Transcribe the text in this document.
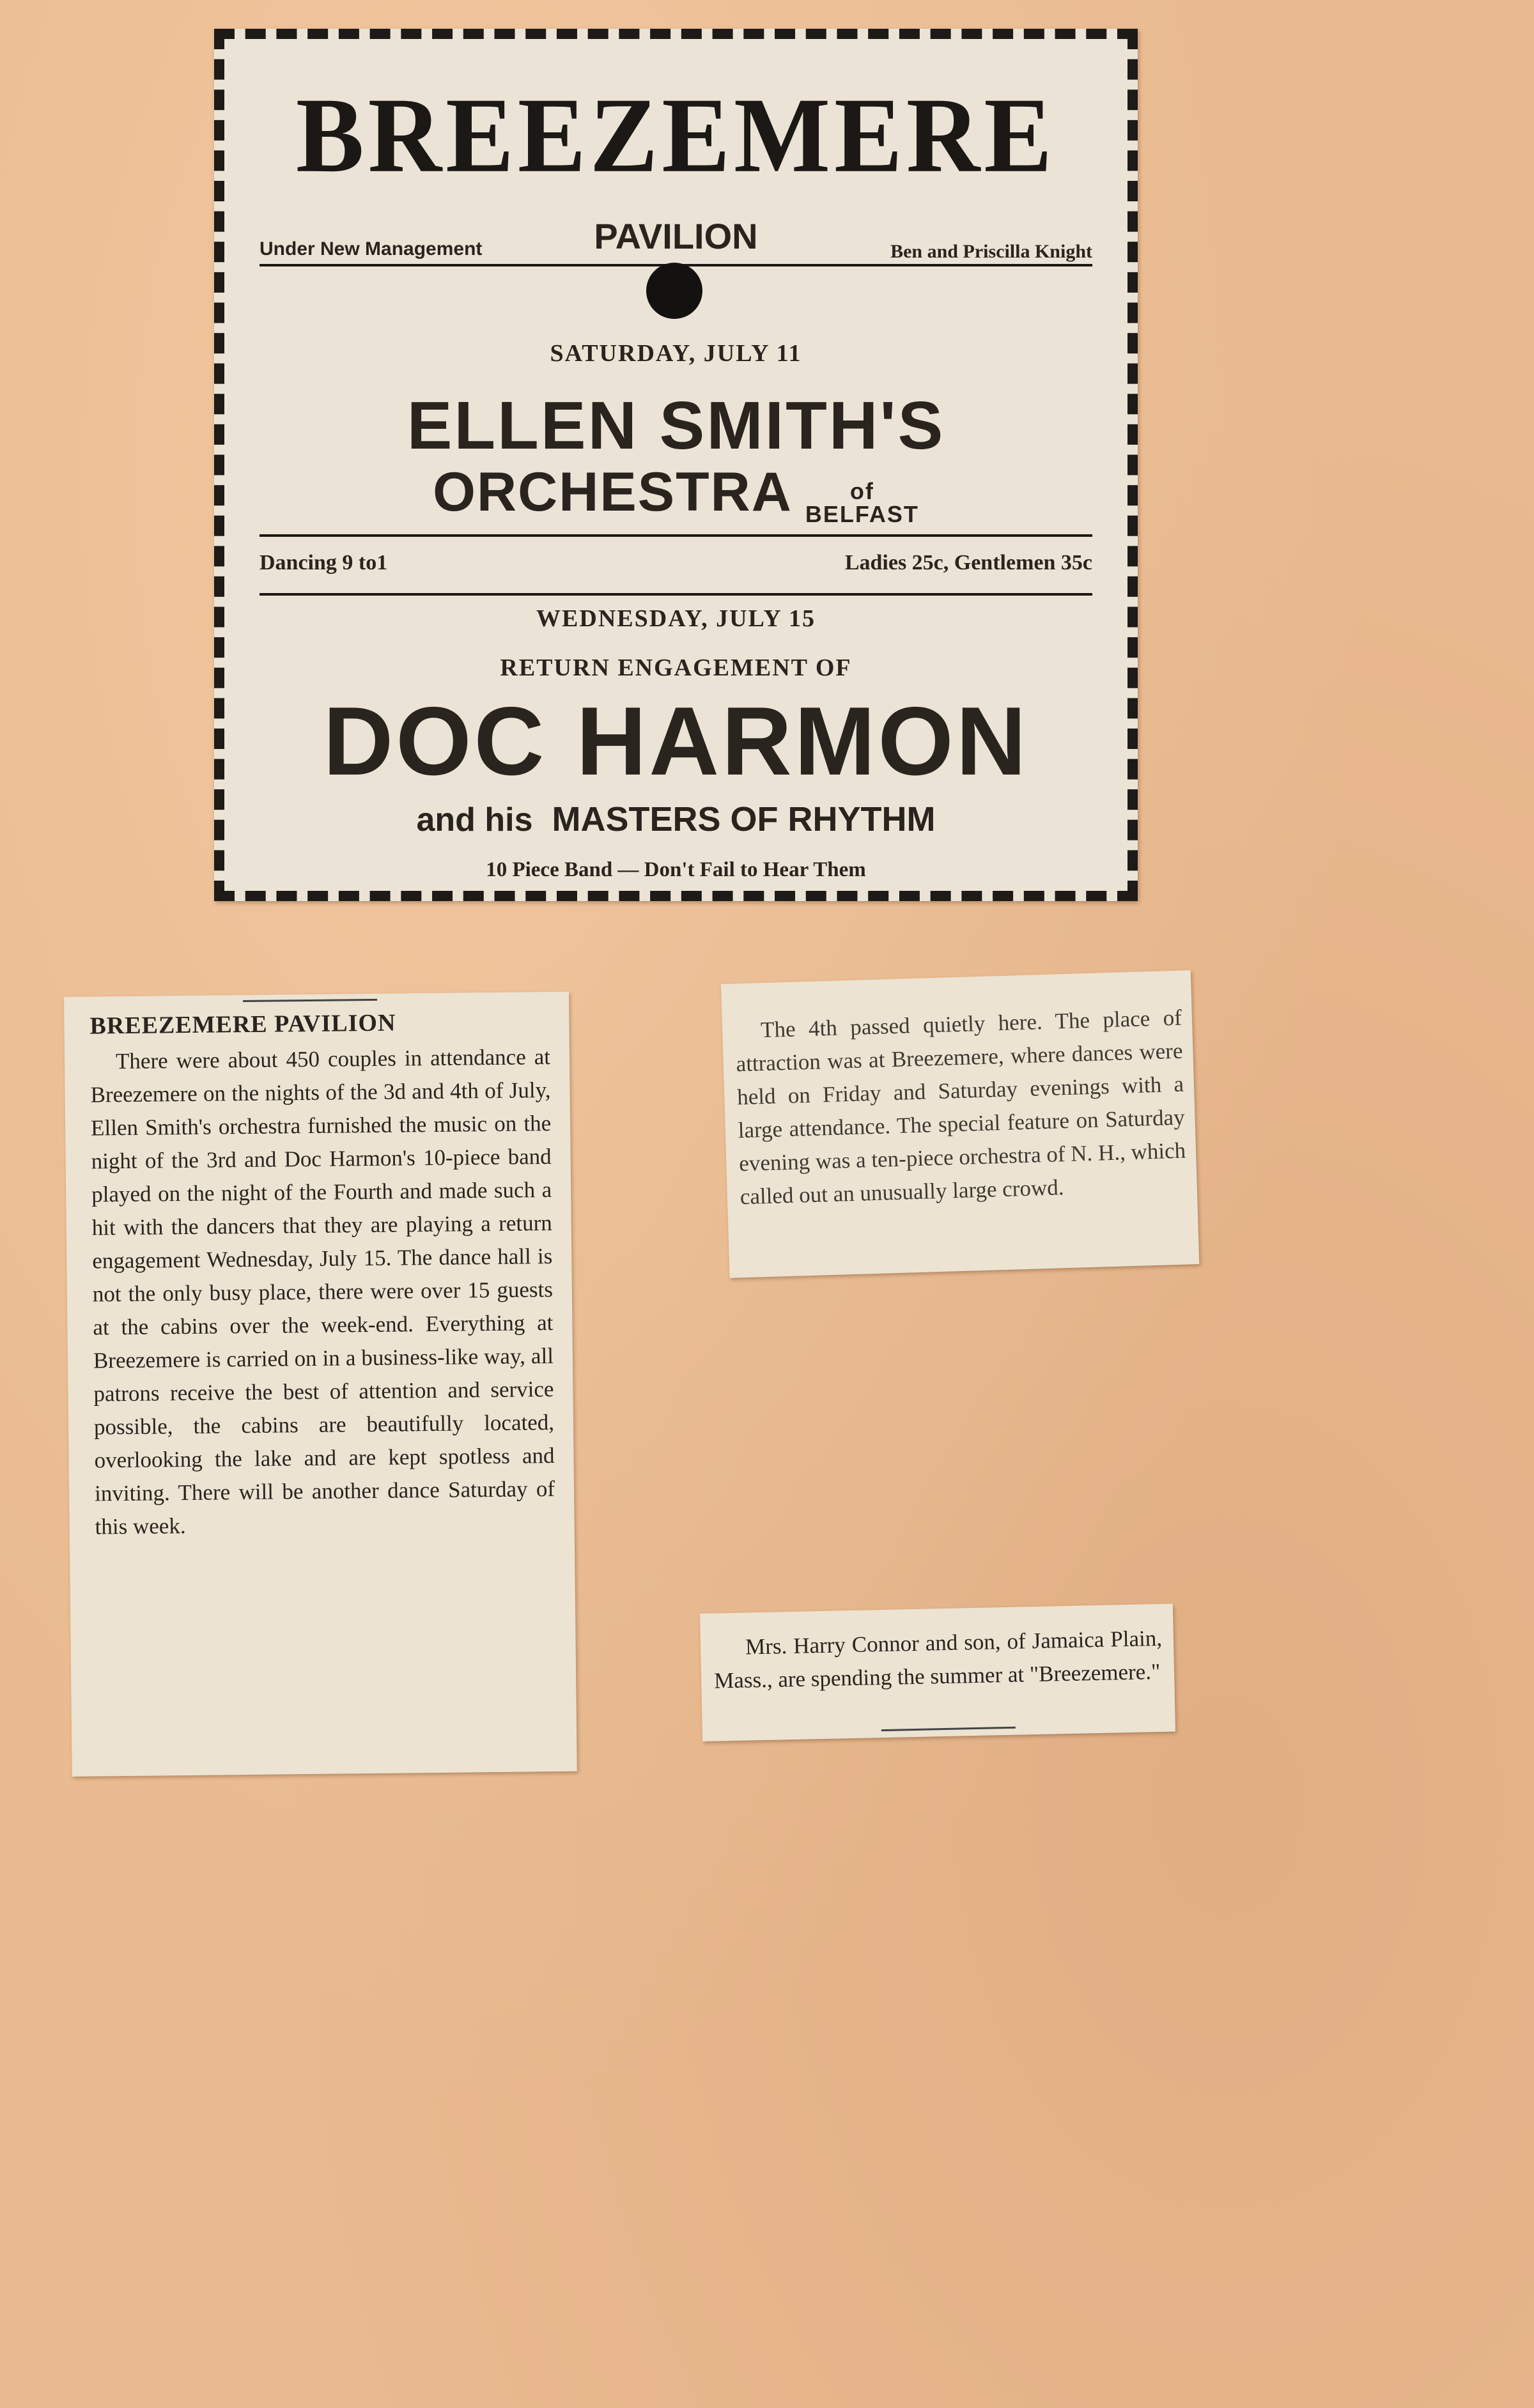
BREEZEMERE
Under New Management	PAVILION	Ben and Priscilla Knight
SATURDAY, JULY 11
ELLEN SMITH'S
ORCHESTRA	of
BELFAST
Dancing 9 to1	Ladies 25c, Gentlemen 35c
WEDNESDAY, JULY 15
RETURN ENGAGEMENT OF
DOC HARMON
and his MASTERS OF RHYTHM
10 Piece Band — Don't Fail to Hear Them
BREEZEMERE PAVILION

There were about 450 couples in attendance at Breezemere on the nights of the 3d and 4th of July, Ellen Smith's orchestra furnished the music on the night of the 3rd and Doc Harmon's 10-piece band played on the night of the Fourth and made such a hit with the dancers that they are playing a return engagement Wednesday, July 15. The dance hall is not the only busy place, there were over 15 guests at the cabins over the week-end. Everything at Breezemere is carried on in a business-like way, all patrons receive the best of attention and service possible, the cabins are beautifully located, overlooking the lake and are kept spotless and inviting. There will be another dance Saturday of this week.

The 4th passed quietly here. The place of attraction was at Breezemere, where dances were held on Friday and Saturday evenings with a large attendance. The special feature on Saturday evening was a ten-piece orchestra of N. H., which called out an unusually large crowd.

Mrs. Harry Connor and son, of Jamaica Plain, Mass., are spending the summer at "Breezemere."
